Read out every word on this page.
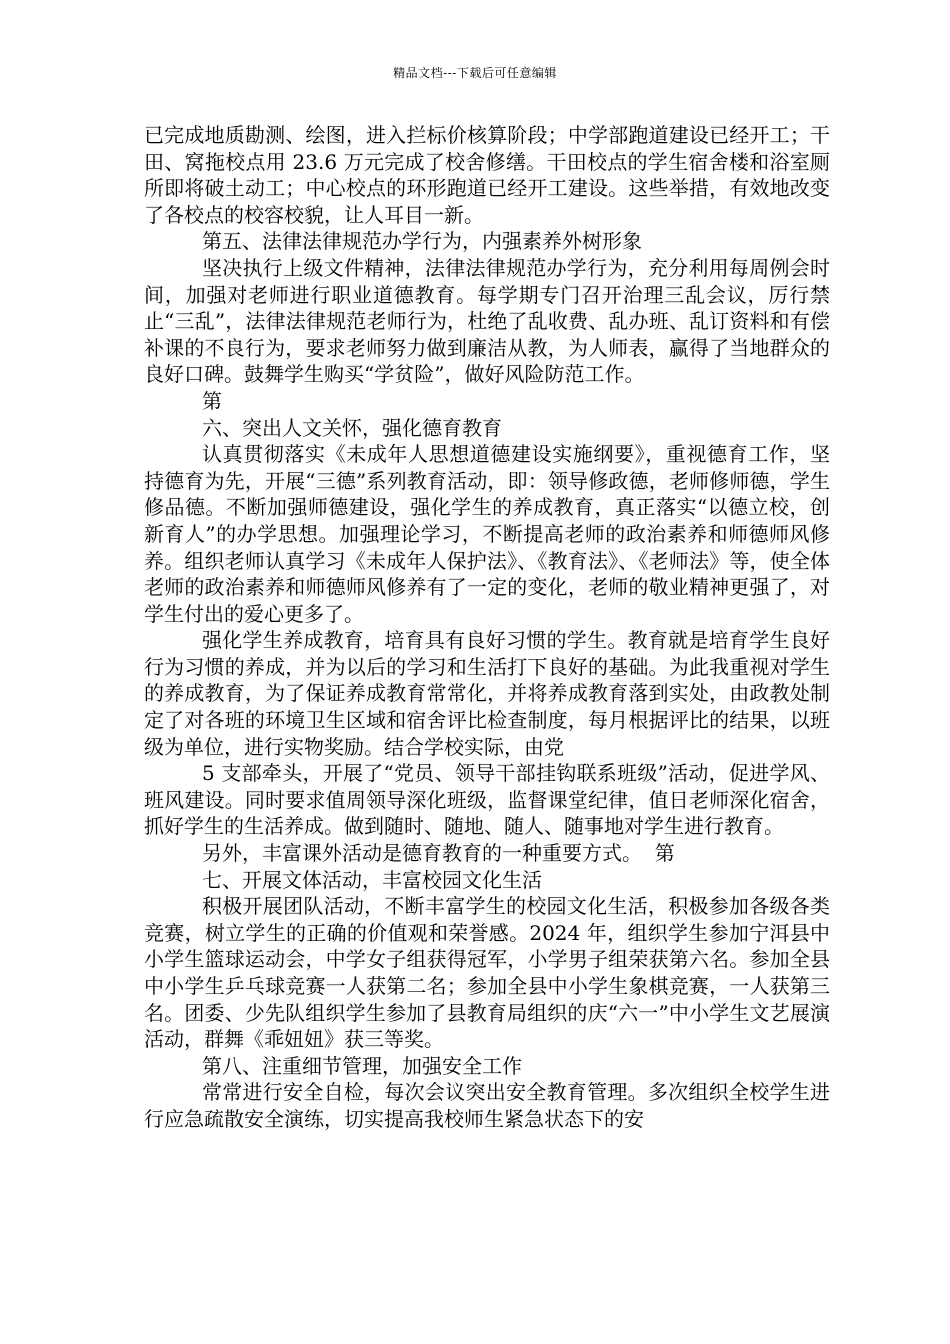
精品文档---下载后可任意编辑

已完成地质勘测、绘图，进入拦标价核算阶段；中学部跑道建设已经开工；干田、窝拖校点用 23.6 万元完成了校舍修缮。干田校点的学生宿舍楼和浴室厕所即将破土动工；中心校点的环形跑道已经开工建设。这些举措，有效地改变了各校点的校容校貌，让人耳目一新。

第五、法律法律规范办学行为，内强素养外树形象

坚决执行上级文件精神，法律法律规范办学行为，充分利用每周例会时间，加强对老师进行职业道德教育。每学期专门召开治理三乱会议，厉行禁止“三乱”，法律法律规范老师行为，杜绝了乱收费、乱办班、乱订资料和有偿补课的不良行为，要求老师努力做到廉洁从教，为人师表，赢得了当地群众的良好口碑。鼓舞学生购买“学贫险”，做好风险防范工作。

第

六、突出人文关怀，强化德育教育

认真贯彻落实《未成年人思想道德建设实施纲要》，重视德育工作，坚持德育为先，开展“三德”系列教育活动，即：领导修政德，老师修师德，学生修品德。不断加强师德建设，强化学生的养成教育，真正落实“以德立校，创新育人”的办学思想。加强理论学习，不断提高老师的政治素养和师德师风修养。组织老师认真学习《未成年人保护法》、《教育法》、《老师法》等，使全体老师的政治素养和师德师风修养有了一定的变化，老师的敬业精神更强了，对学生付出的爱心更多了。

强化学生养成教育，培育具有良好习惯的学生。教育就是培育学生良好行为习惯的养成，并为以后的学习和生活打下良好的基础。为此我重视对学生的养成教育，为了保证养成教育常常化，并将养成教育落到实处，由政教处制定了对各班的环境卫生区域和宿舍评比检查制度，每月根据评比的结果，以班级为单位，进行实物奖励。结合学校实际，由党

5 支部牵头，开展了“党员、领导干部挂钩联系班级”活动，促进学风、班风建设。同时要求值周领导深化班级，监督课堂纪律，值日老师深化宿舍，抓好学生的生活养成。做到随时、随地、随人、随事地对学生进行教育。

另外，丰富课外活动是德育教育的一种重要方式。  第

七、开展文体活动，丰富校园文化生活

积极开展团队活动，不断丰富学生的校园文化生活，积极参加各级各类竞赛，树立学生的正确的价值观和荣誉感。2024 年，组织学生参加宁洱县中小学生篮球运动会，中学女子组获得冠军，小学男子组荣获第六名。参加全县中小学生乒乓球竞赛一人获第二名；参加全县中小学生象棋竞赛，一人获第三名。团委、少先队组织学生参加了县教育局组织的庆“六一”中小学生文艺展演活动，群舞《乖妞妞》获三等奖。

第八、注重细节管理，加强安全工作

常常进行安全自检，每次会议突出安全教育管理。多次组织全校学生进行应急疏散安全演练，切实提高我校师生紧急状态下的安
